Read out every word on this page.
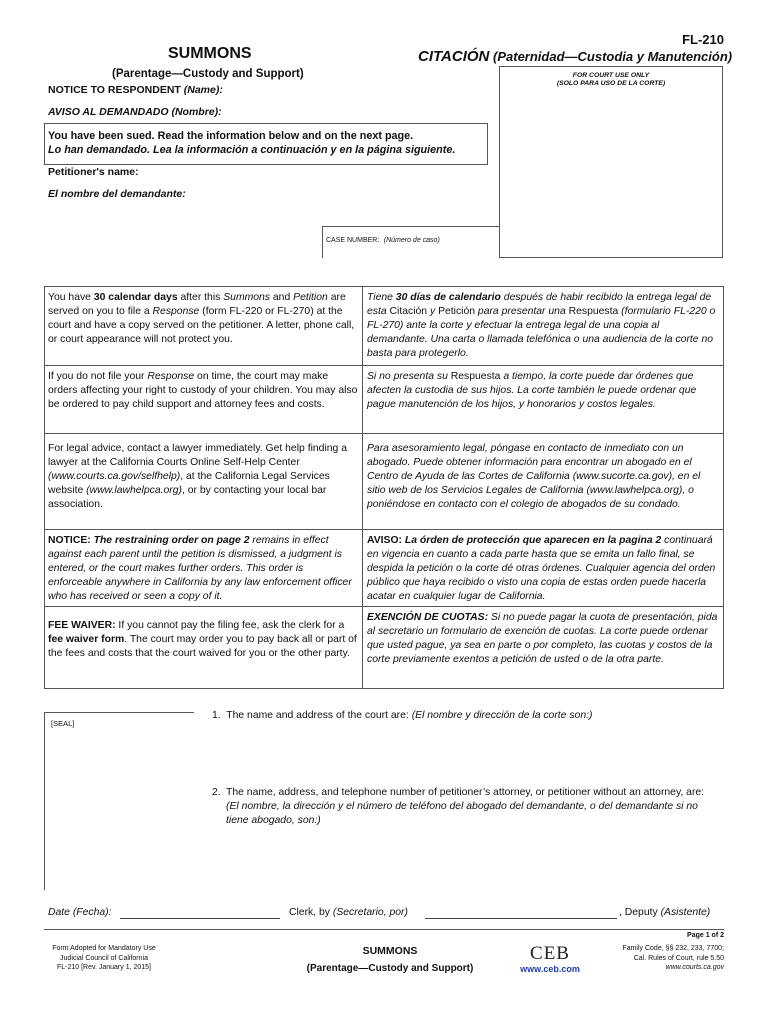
FL-210
SUMMONS	CITACIÓN (Paternidad—Custodia y Manutención)
(Parentage—Custody and Support)	FOR COURT USE ONLY
(SOLO PARA USO DE LA CORTE)
NOTICE TO RESPONDENT (Name):
AVISO AL DEMANDADO (Nombre):
You have been sued. Read the information below and on the next page.
Lo han demandado. Lea la información a continuación y en la página siguiente.
Petitioner's name:
El nombre del demandante:
CASE NUMBER: (Número de caso)
You have 30 calendar days after this Summons and Petition are served on you to file a Response (form FL-220 or FL-270) at the court and have a copy served on the petitioner. A letter, phone call, or court appearance will not protect you.
Tiene 30 días de calendario después de habir recibido la entrega legal de esta Citación y Petición para presentar una Respuesta (formulario FL-220 o FL-270) ante la corte y efectuar la entrega legal de una copia al demandante. Una carta o llamada telefónica o una audiencia de la corte no basta para protegerlo.
If you do not file your Response on time, the court may make orders affecting your right to custody of your children. You may also be ordered to pay child support and attorney fees and costs.
Si no presenta su Respuesta a tiempo, la corte puede dar órdenes que afecten la custodia de sus hijos. La corte también le puede ordenar que pague manutención de los hijos, y honorarios y costos legales.
For legal advice, contact a lawyer immediately. Get help finding a lawyer at the California Courts Online Self-Help Center (www.courts.ca.gov/selfhelp), at the California Legal Services website (www.lawhelpca.org), or by contacting your local bar association.
Para asesoramiento legal, póngase en contacto de inmediato con un abogado. Puede obtener información para encontrar un abogado en el Centro de Ayuda de las Cortes de California (www.sucorte.ca.gov), en el sitio web de los Servicios Legales de California (www.lawhelpca.org), o poniéndose en contacto con el colegio de abogados de su condado.
NOTICE: The restraining order on page 2 remains in effect against each parent until the petition is dismissed, a judgment is entered, or the court makes further orders. This order is enforceable anywhere in California by any law enforcement officer who has received or seen a copy of it.
AVISO: La órden de protección que aparecen en la pagina 2 continuará en vigencia en cuanto a cada parte hasta que se emita un fallo final, se despida la petición o la corte dé otras órdenes. Cualquier agencia del orden público que haya recibido o visto una copia de estas orden puede hacerla acatar en cualquier lugar de California.
FEE WAIVER: If you cannot pay the filing fee, ask the clerk for a fee waiver form. The court may order you to pay back all or part of the fees and costs that the court waived for you or the other party.
EXENCIÓN DE CUOTAS: Si no puede pagar la cuota de presentación, pida al secretario un formulario de exención de cuotas. La corte puede ordenar que usted pague, ya sea en parte o por completo, las cuotas y costos de la corte previamente exentos a petición de usted o de la otra parte.
[SEAL]
1. The name and address of the court are: (El nombre y dirección de la corte son:)
2. The name, address, and telephone number of petitioner’s attorney, or petitioner without an attorney, are: (El nombre, la dirección y el número de teléfono del abogado del demandante, o del demandante si no tiene abogado, son:)
Date (Fecha):	Clerk, by (Secretario, por)	, Deputy (Asistente)
Page 1 of 2
Form Adopted for Mandatory Use
Judicial Council of California
FL-210 [Rev. January 1, 2015]
SUMMONS
(Parentage—Custody and Support)
CEB
www.ceb.com
Family Code, §§ 232, 233, 7700;
Cal. Rules of Court, rule 5.50
www.courts.ca.gov
